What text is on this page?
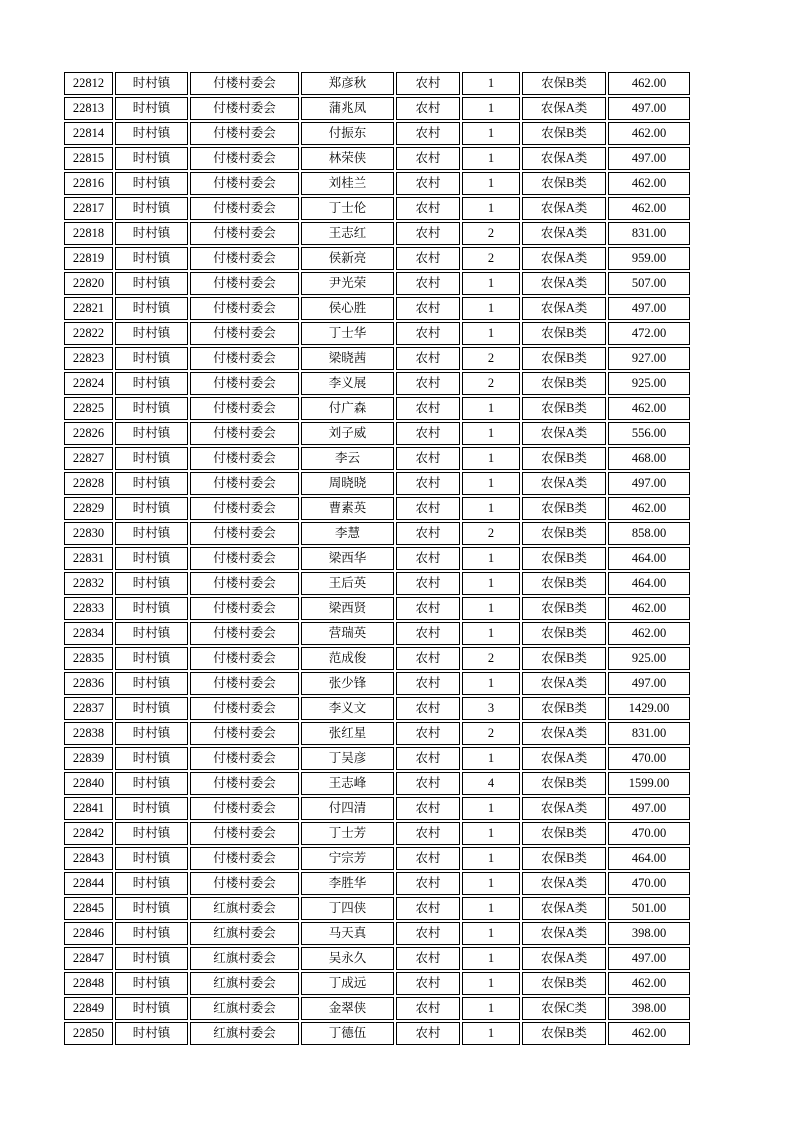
22812	时村镇	付楼村委会	郑彦秋	农村	1	农保B类	462.00
22813	时村镇	付楼村委会	蒲兆凤	农村	1	农保A类	497.00
22814	时村镇	付楼村委会	付振东	农村	1	农保B类	462.00
22815	时村镇	付楼村委会	林荣侠	农村	1	农保A类	497.00
22816	时村镇	付楼村委会	刘桂兰	农村	1	农保B类	462.00
22817	时村镇	付楼村委会	丁士伦	农村	1	农保A类	462.00
22818	时村镇	付楼村委会	王志红	农村	2	农保A类	831.00
22819	时村镇	付楼村委会	侯新亮	农村	2	农保A类	959.00
22820	时村镇	付楼村委会	尹光荣	农村	1	农保A类	507.00
22821	时村镇	付楼村委会	侯心胜	农村	1	农保A类	497.00
22822	时村镇	付楼村委会	丁士华	农村	1	农保B类	472.00
22823	时村镇	付楼村委会	梁晓茜	农村	2	农保B类	927.00
22824	时村镇	付楼村委会	李义展	农村	2	农保B类	925.00
22825	时村镇	付楼村委会	付广森	农村	1	农保B类	462.00
22826	时村镇	付楼村委会	刘子威	农村	1	农保A类	556.00
22827	时村镇	付楼村委会	李云	农村	1	农保B类	468.00
22828	时村镇	付楼村委会	周晓晓	农村	1	农保A类	497.00
22829	时村镇	付楼村委会	曹素英	农村	1	农保B类	462.00
22830	时村镇	付楼村委会	李慧	农村	2	农保B类	858.00
22831	时村镇	付楼村委会	梁西华	农村	1	农保B类	464.00
22832	时村镇	付楼村委会	王后英	农村	1	农保B类	464.00
22833	时村镇	付楼村委会	梁西贤	农村	1	农保B类	462.00
22834	时村镇	付楼村委会	营瑞英	农村	1	农保B类	462.00
22835	时村镇	付楼村委会	范成俊	农村	2	农保B类	925.00
22836	时村镇	付楼村委会	张少锋	农村	1	农保A类	497.00
22837	时村镇	付楼村委会	李义文	农村	3	农保B类	1429.00
22838	时村镇	付楼村委会	张红星	农村	2	农保A类	831.00
22839	时村镇	付楼村委会	丁吴彦	农村	1	农保A类	470.00
22840	时村镇	付楼村委会	王志峰	农村	4	农保B类	1599.00
22841	时村镇	付楼村委会	付四清	农村	1	农保A类	497.00
22842	时村镇	付楼村委会	丁士芳	农村	1	农保B类	470.00
22843	时村镇	付楼村委会	宁宗芳	农村	1	农保B类	464.00
22844	时村镇	付楼村委会	李胜华	农村	1	农保A类	470.00
22845	时村镇	红旗村委会	丁四侠	农村	1	农保A类	501.00
22846	时村镇	红旗村委会	马天真	农村	1	农保A类	398.00
22847	时村镇	红旗村委会	吴永久	农村	1	农保A类	497.00
22848	时村镇	红旗村委会	丁成远	农村	1	农保B类	462.00
22849	时村镇	红旗村委会	金翠侠	农村	1	农保C类	398.00
22850	时村镇	红旗村委会	丁德伍	农村	1	农保B类	462.00
